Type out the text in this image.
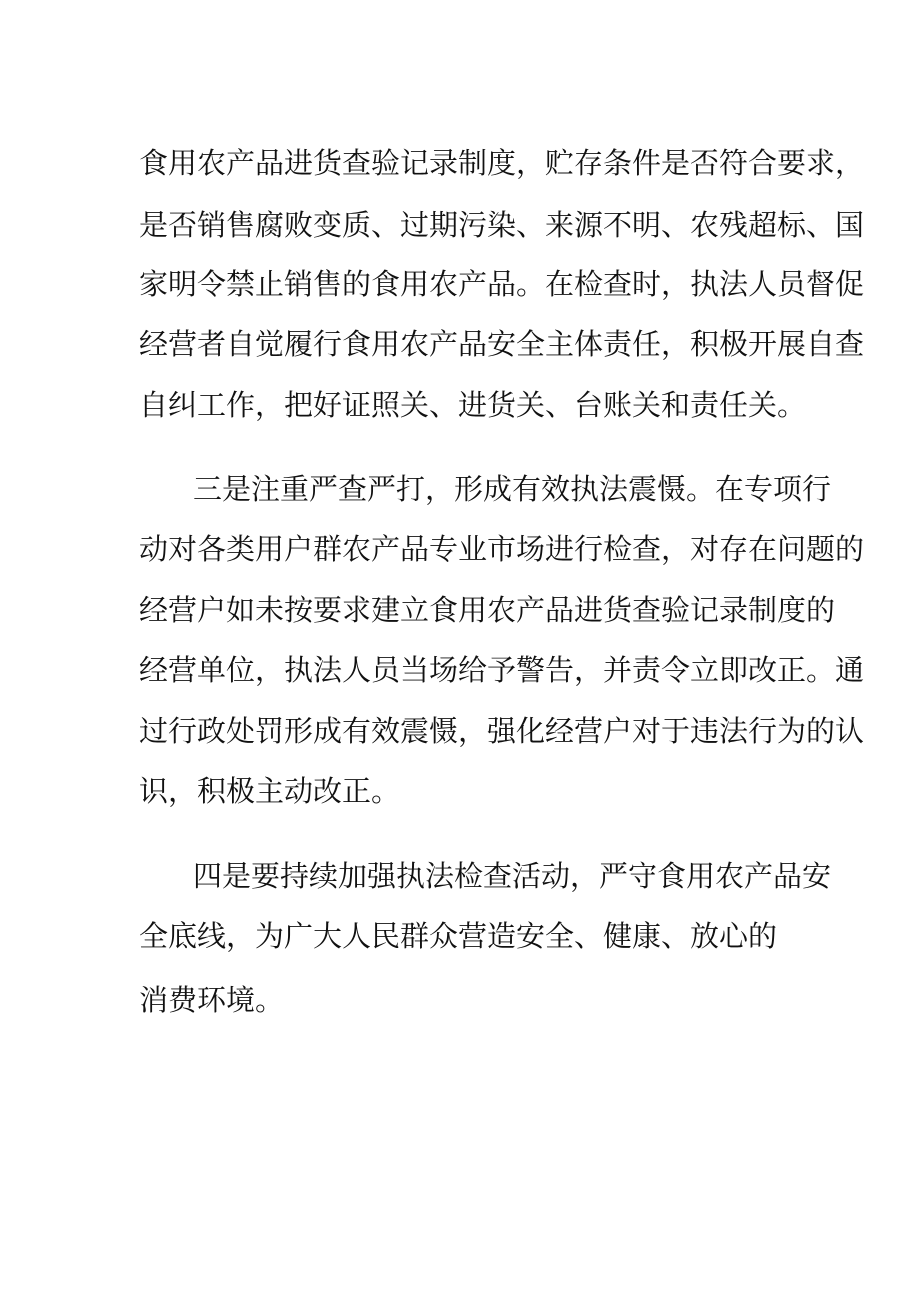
食用农产品进货查验记录制度，贮存条件是否符合要求，
是否销售腐败变质、过期污染、来源不明、农残超标、国
家明令禁止销售的食用农产品。在检查时，执法人员督促
经营者自觉履行食用农产品安全主体责任，积极开展自查
自纠工作，把好证照关、进货关、台账关和责任关。
三是注重严查严打，形成有效执法震慑。在专项行
动对各类用户群农产品专业市场进行检查，对存在问题的
经营户如未按要求建立食用农产品进货查验记录制度的
经营单位，执法人员当场给予警告，并责令立即改正。通
过行政处罚形成有效震慑，强化经营户对于违法行为的认
识，积极主动改正。
四是要持续加强执法检查活动，严守食用农产品安
全底线，为广大人民群众营造安全、健康、放心的
消费环境。
